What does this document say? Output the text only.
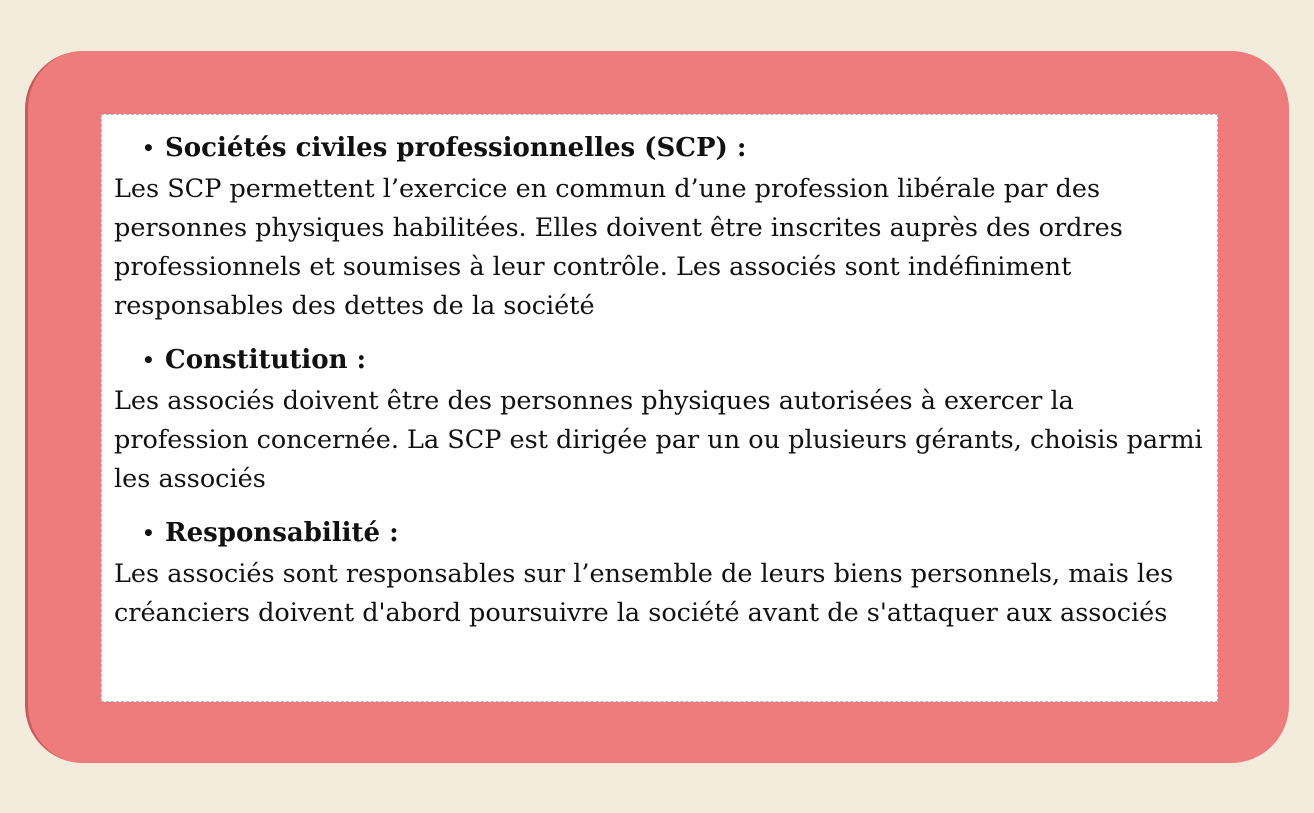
• Sociétés civiles professionnelles (SCP) :

Les SCP permettent l’exercice en commun d’une profession libérale par des personnes physiques habilitées. Elles doivent être inscrites auprès des ordres professionnels et soumises à leur contrôle. Les associés sont indéfiniment responsables des dettes de la société

• Constitution :

Les associés doivent être des personnes physiques autorisées à exercer la profession concernée. La SCP est dirigée par un ou plusieurs gérants, choisis parmi les associés

• Responsabilité :

Les associés sont responsables sur l’ensemble de leurs biens personnels, mais les créanciers doivent d'abord poursuivre la société avant de s'attaquer aux associés
